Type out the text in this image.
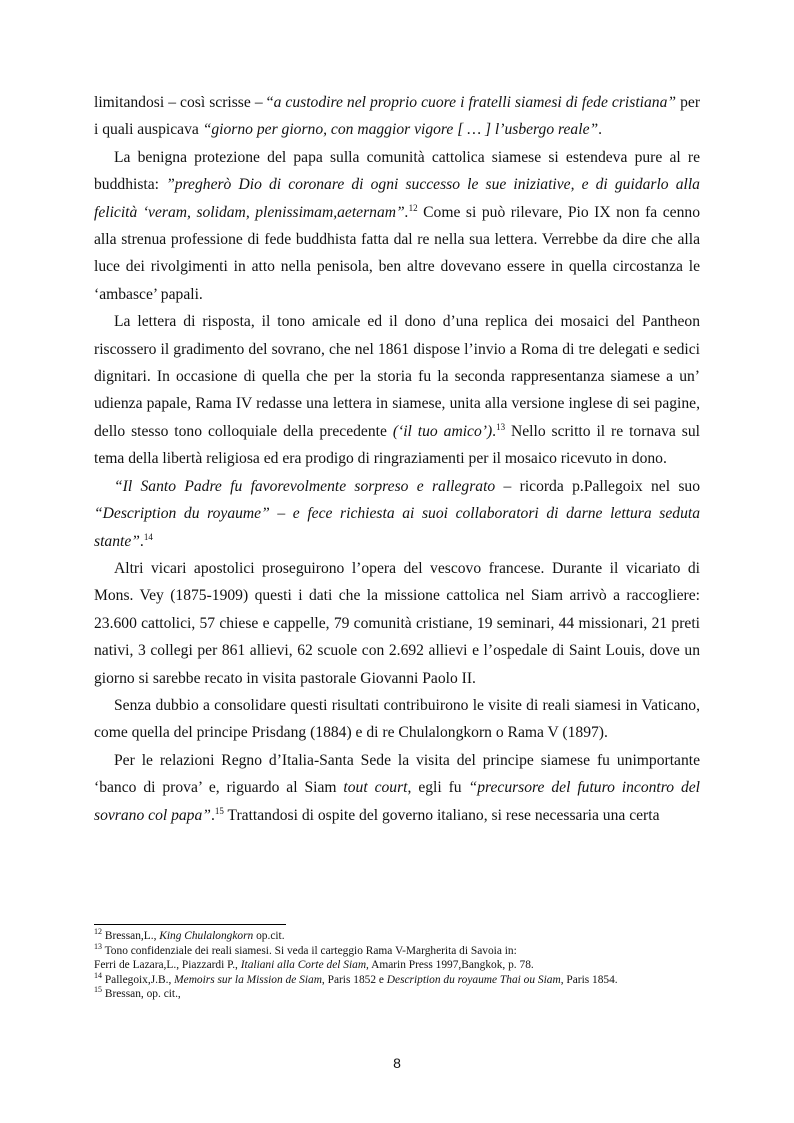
limitandosi – così scrisse – “a custodire nel proprio cuore i fratelli siamesi di fede cristiana” per i quali auspicava “giorno per giorno, con maggior vigore [ … ] l’usbergo reale”.

La benigna protezione del papa sulla comunità cattolica siamese si estendeva pure al re buddhista: ”pregherò Dio di coronare di ogni successo le sue iniziative, e di guidarlo alla felicità ‘veram, solidam, plenissimam,aeternam”.$^{12}$ Come si può rilevare, Pio IX non fa cenno alla strenua professione di fede buddhista fatta dal re nella sua lettera. Verrebbe da dire che alla luce dei rivolgimenti in atto nella penisola, ben altre dovevano essere in quella circostanza le ‘ambasce’ papali.

La lettera di risposta, il tono amicale ed il dono d’una replica dei mosaici del Pantheon riscossero il gradimento del sovrano, che nel 1861 dispose l’invio a Roma di tre delegati e sedici dignitari. In occasione di quella che per la storia fu la seconda rappresentanza siamese a un’ udienza papale, Rama IV redasse una lettera in siamese, unita alla versione inglese di sei pagine, dello stesso tono colloquiale della precedente (‘il tuo amico’).$^{13}$ Nello scritto il re tornava sul tema della libertà religiosa ed era prodigo di ringraziamenti per il mosaico ricevuto in dono.

“Il Santo Padre fu favorevolmente sorpreso e rallegrato – ricorda p.Pallegoix nel suo “Description du royaume” – e fece richiesta ai suoi collaboratori di darne lettura seduta stante”.$^{14}$

Altri vicari apostolici proseguirono l’opera del vescovo francese. Durante il vicariato di Mons. Vey (1875-1909) questi i dati che la missione cattolica nel Siam arrivò a raccogliere: 23.600 cattolici, 57 chiese e cappelle, 79 comunità cristiane, 19 seminari, 44 missionari, 21 preti nativi, 3 collegi per 861 allievi, 62 scuole con 2.692 allievi e l’ospedale di Saint Louis, dove un giorno si sarebbe recato in visita pastorale Giovanni Paolo II.

Senza dubbio a consolidare questi risultati contribuirono le visite di reali siamesi in Vaticano, come quella del principe Prisdang (1884) e di re Chulalongkorn o Rama V (1897).

Per le relazioni Regno d’Italia-Santa Sede la visita del principe siamese fu unimportante ‘banco di prova’ e, riguardo al Siam tout court, egli fu “precursore del futuro incontro del sovrano col papa”.$^{15}$ Trattandosi di ospite del governo italiano, si rese necessaria una certa

$^{12}$ Bressan,L., King Chulalongkorn op.cit.

$^{13}$ Tono confidenziale dei reali siamesi. Si veda il carteggio Rama V-Margherita di Savoia in:

Ferri de Lazara,L., Piazzardi P., Italiani alla Corte del Siam, Amarin Press 1997,Bangkok, p. 78.

$^{14}$ Pallegoix,J.B., Memoirs sur la Mission de Siam, Paris 1852 e Description du royaume Thai ou Siam, Paris 1854.

$^{15}$ Bressan, op. cit.,

8
